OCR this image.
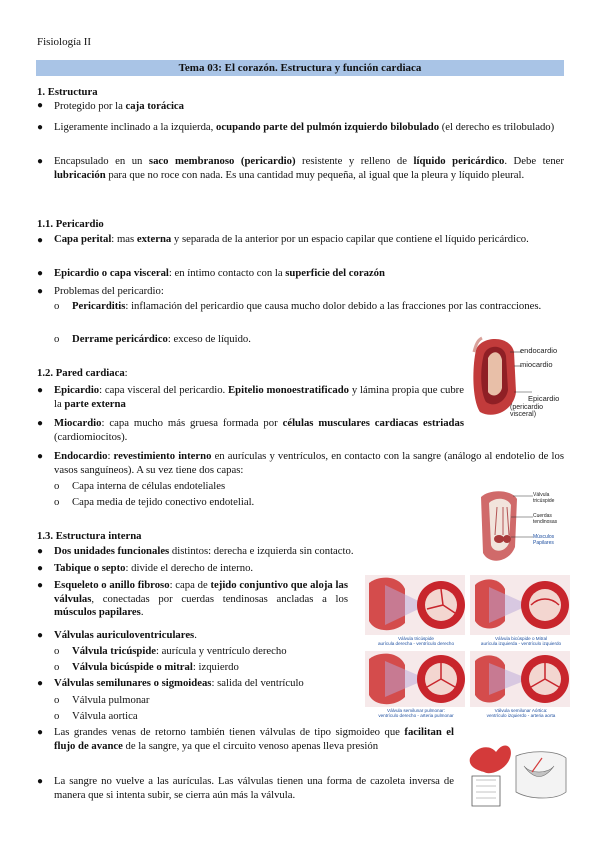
Fisiología II
Tema 03: El corazón. Estructura y función cardiaca
1. Estructura
● Protegido por la caja torácica
● Ligeramente inclinado a la izquierda, ocupando parte del pulmón izquierdo bilobulado (el derecho es trilobulado)
● Encapsulado en un saco membranoso (pericardio) resistente y relleno de líquido pericárdico. Debe tener lubricación para que no roce con nada. Es una cantidad muy pequeña, al igual que la pleura y líquido pleural.
1.1. Pericardio
● Capa perital: mas externa y separada de la anterior por un espacio capilar que contiene el líquido pericárdico.
● Epicardio o capa visceral: en íntimo contacto con la superficie del corazón
● Problemas del pericardio:
o Pericarditis: inflamación del pericardio que causa mucho dolor debido a las fracciones por las contracciones.
o Derrame pericárdico: exceso de líquido.
endocardio
miocardio
Epicardio
(pericardio visceral)
1.2. Pared cardiaca:
● Epicardio: capa visceral del pericardio. Epitelio monoestratificado y lámina propia que cubre la parte externa
● Miocardio: capa mucho más gruesa formada por células musculares cardiacas estriadas (cardiomiocitos).
● Endocardio: revestimiento interno en aurículas y ventrículos, en contacto con la sangre (análogo al endotelio de los vasos sanguíneos). A su vez tiene dos capas:
o Capa interna de células endoteliales
o Capa media de tejido conectivo endotelial.
Válvula tricúspide
Cuerdas tendinosas
Músculos Papilares
1.3. Estructura interna
● Dos unidades funcionales distintos: derecha e izquierda sin contacto.
● Tabique o septo: divide el derecho de interno.
● Esqueleto o anillo fibroso: capa de tejido conjuntivo que aloja las válvulas, conectadas por cuerdas tendinosas ancladas a los músculos papilares.
● Válvulas auriculoventriculares.
o Válvula tricúspide: aurícula y ventrículo derecho
o Válvula bicúspide o mitral: izquierdo
● Válvulas semilunares o sigmoideas: salida del ventrículo
o Válvula pulmonar
o Válvula aortica
● Las grandes venas de retorno también tienen válvulas de tipo sigmoideo que facilitan el flujo de avance de la sangre, ya que el circuito venoso apenas lleva presión
● La sangre no vuelve a las aurículas. Las válvulas tienen una forma de cazoleta inversa de manera que si intenta subir, se cierra aún más la válvula.
Válvula tricúspide
aurícula derecha - ventrículo derecho
Válvula bicúspide o Mitral
aurícula izquierda - ventrículo izquierdo
Válvula semilunar pulmonar:
ventrículo derecho - arteria pulmonar
Válvula semilunar Aórtica:
ventrículo izquierdo - arteria aorta
